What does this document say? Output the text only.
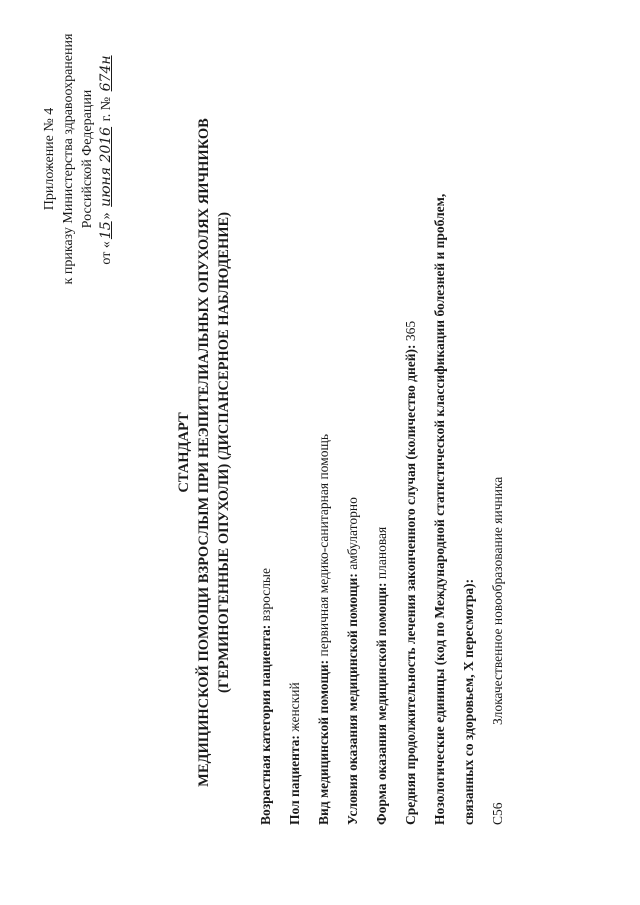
Приложение № 4 к приказу Министерства здравоохранения Российской Федерации
от «15» июня 2016 г. № 674н
СТАНДАРТ МЕДИЦИНСКОЙ ПОМОЩИ ВЗРОСЛЫМ ПРИ НЕЭПИТЕЛИАЛЬНЫХ ОПУХОЛЯХ ЯИЧНИКОВ (ГЕРМИНОГЕННЫЕ ОПУХОЛИ) (ДИСПАНСЕРНОЕ НАБЛЮДЕНИЕ)
Возрастная категория пациента: взрослые
Пол пациента: женский Вид медицинской помощи: первичная медико-санитарная помощь
Условия оказания медицинской помощи: амбулаторно
Форма оказания медицинской помощи: плановая Средняя продолжительность лечения законченного случая (количество дней): 365 Нозологические единицы (код по Международной статистической классификации болезней и проблем, связанных со здоровьем, X пересмотра): C56Злокачественное новообразование яичника
